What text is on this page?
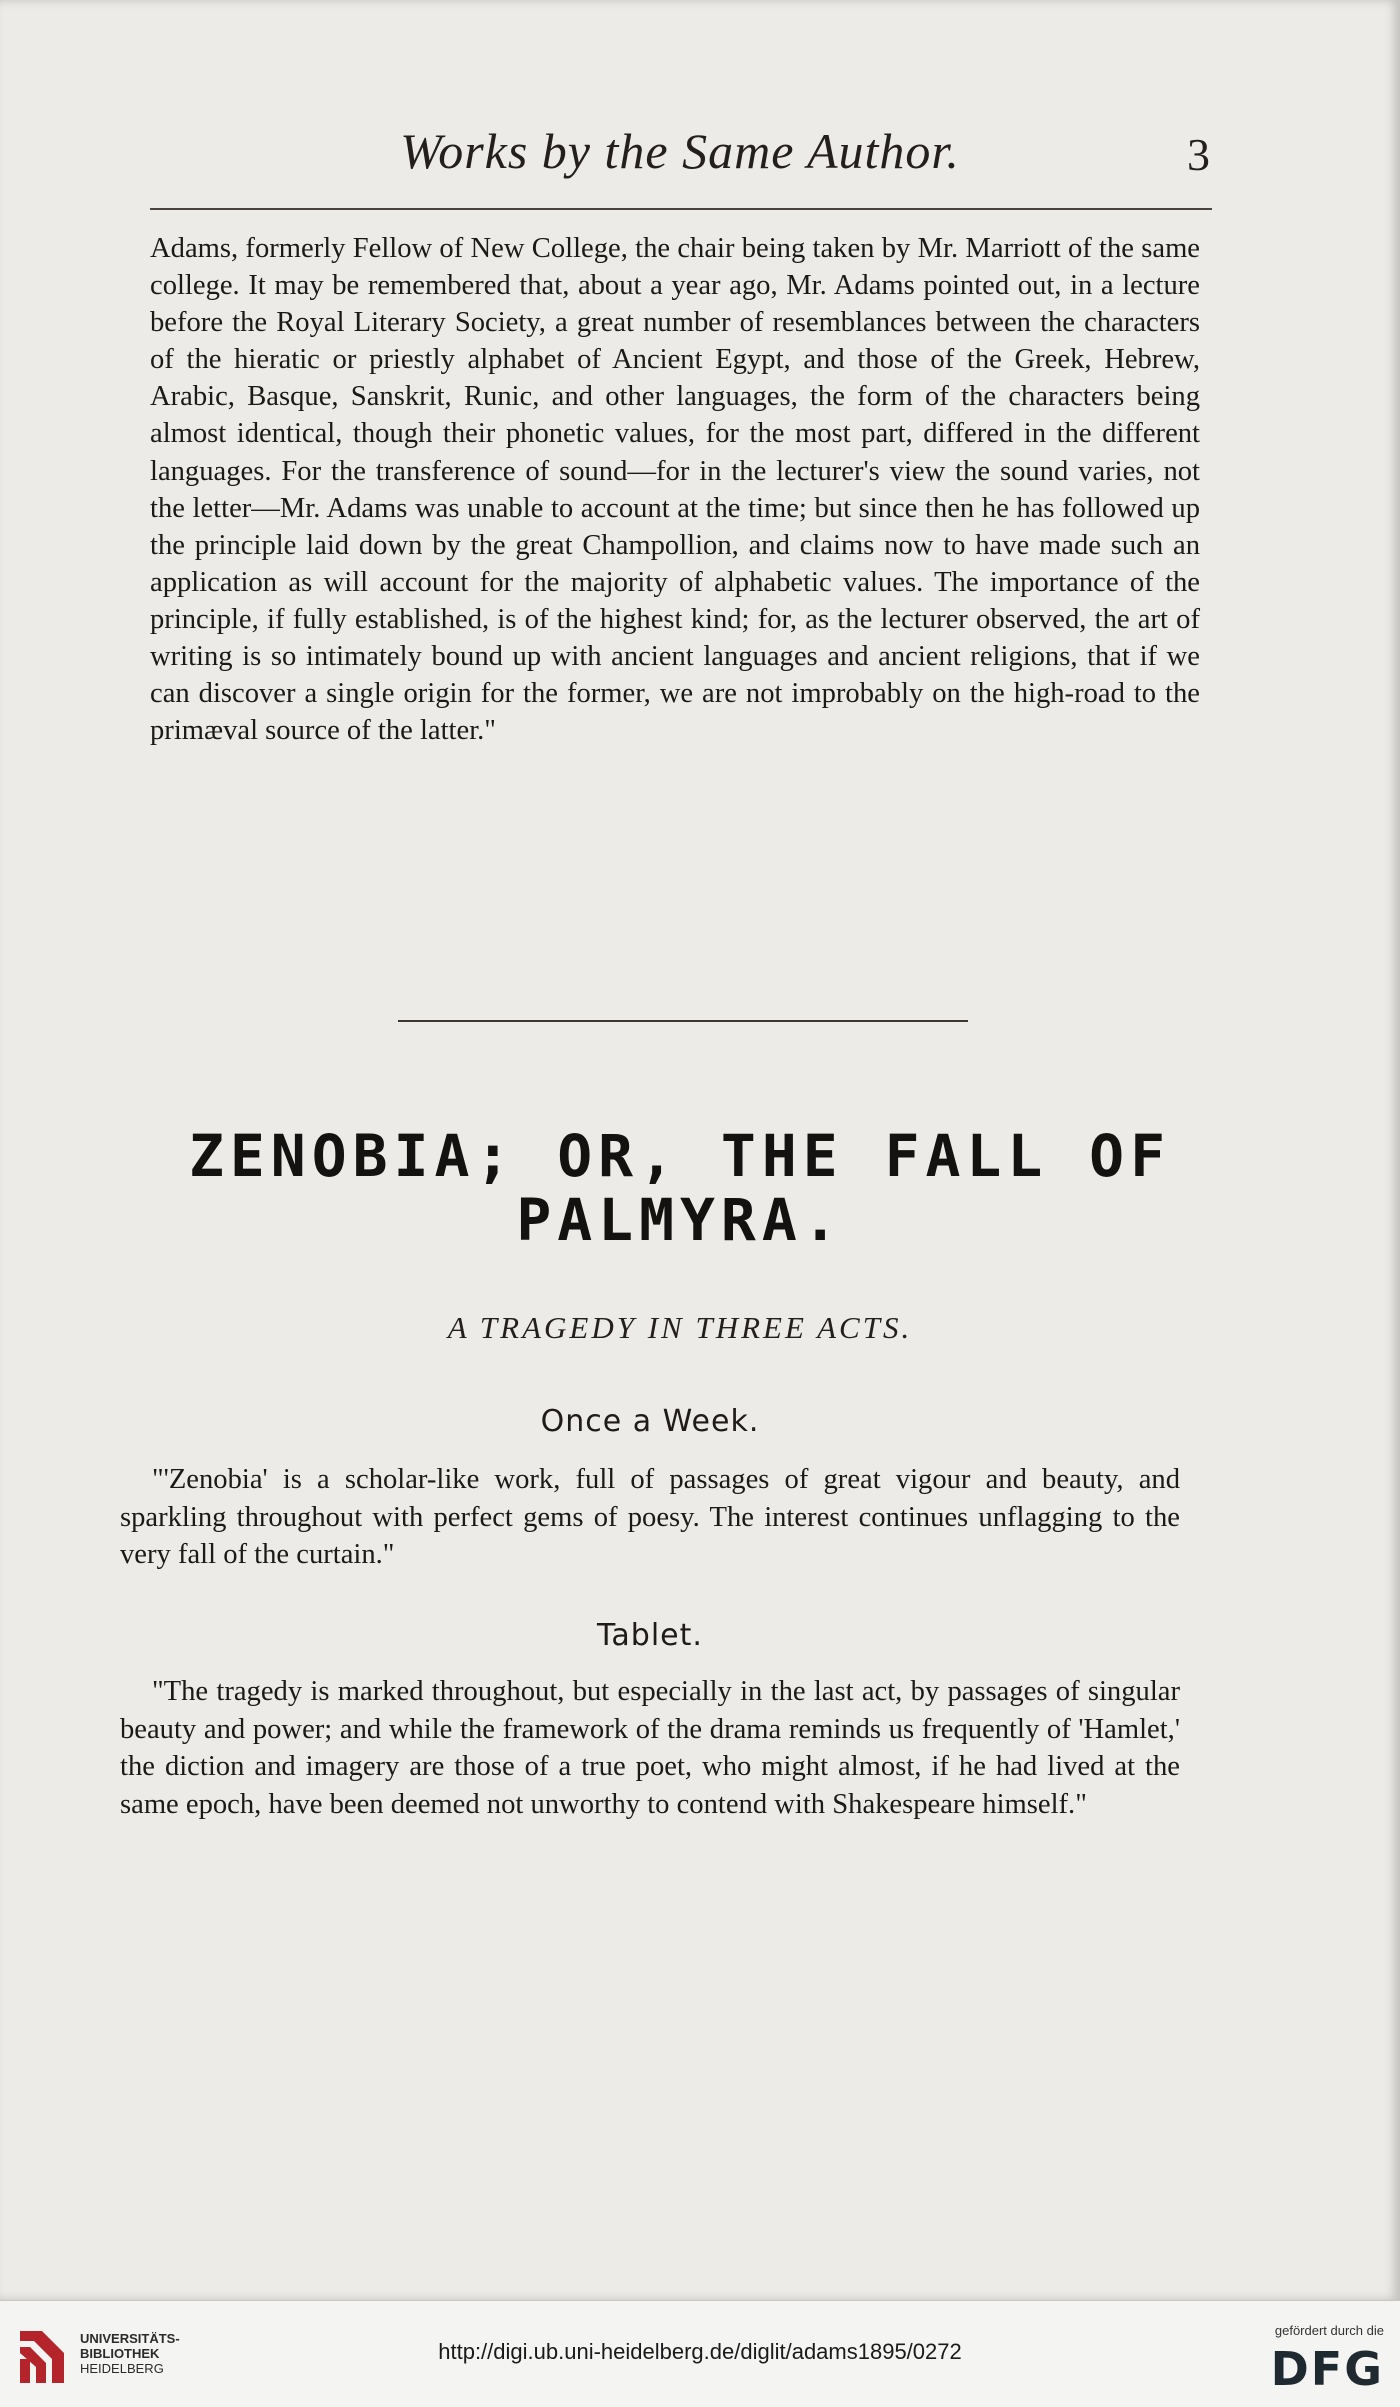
Works by the Same Author.	3

Adams, formerly Fellow of New College, the chair being taken by Mr. Marriott of the same college. It may be remembered that, about a year ago, Mr. Adams pointed out, in a lecture before the Royal Literary Society, a great number of resemblances between the characters of the hieratic or priestly alphabet of Ancient Egypt, and those of the Greek, Hebrew, Arabic, Basque, Sanskrit, Runic, and other languages, the form of the characters being almost identical, though their phonetic values, for the most part, differed in the different languages. For the transference of sound—for in the lecturer's view the sound varies, not the letter—Mr. Adams was unable to account at the time; but since then he has followed up the principle laid down by the great Champollion, and claims now to have made such an application as will account for the majority of alphabetic values. The importance of the principle, if fully established, is of the highest kind; for, as the lecturer observed, the art of writing is so intimately bound up with ancient languages and ancient religions, that if we can discover a single origin for the former, we are not improbably on the high-road to the primæval source of the latter."

ZENOBIA; OR, THE FALL OF
PALMYRA.
A TRAGEDY IN THREE ACTS.

Once a Week.

"'Zenobia' is a scholar-like work, full of passages of great vigour and beauty, and sparkling throughout with perfect gems of poesy. The interest continues unflagging to the very fall of the curtain."

Tablet.

"The tragedy is marked throughout, but especially in the last act, by passages of singular beauty and power; and while the framework of the drama reminds us frequently of 'Hamlet,' the diction and imagery are those of a true poet, who might almost, if he had lived at the same epoch, have been deemed not unworthy to contend with Shakespeare himself."

UNIVERSITÄTS-
BIBLIOTHEK
HEIDELBERG
http://digi.ub.uni-heidelberg.de/diglit/adams1895/0272
gefördert durch die
DFG
